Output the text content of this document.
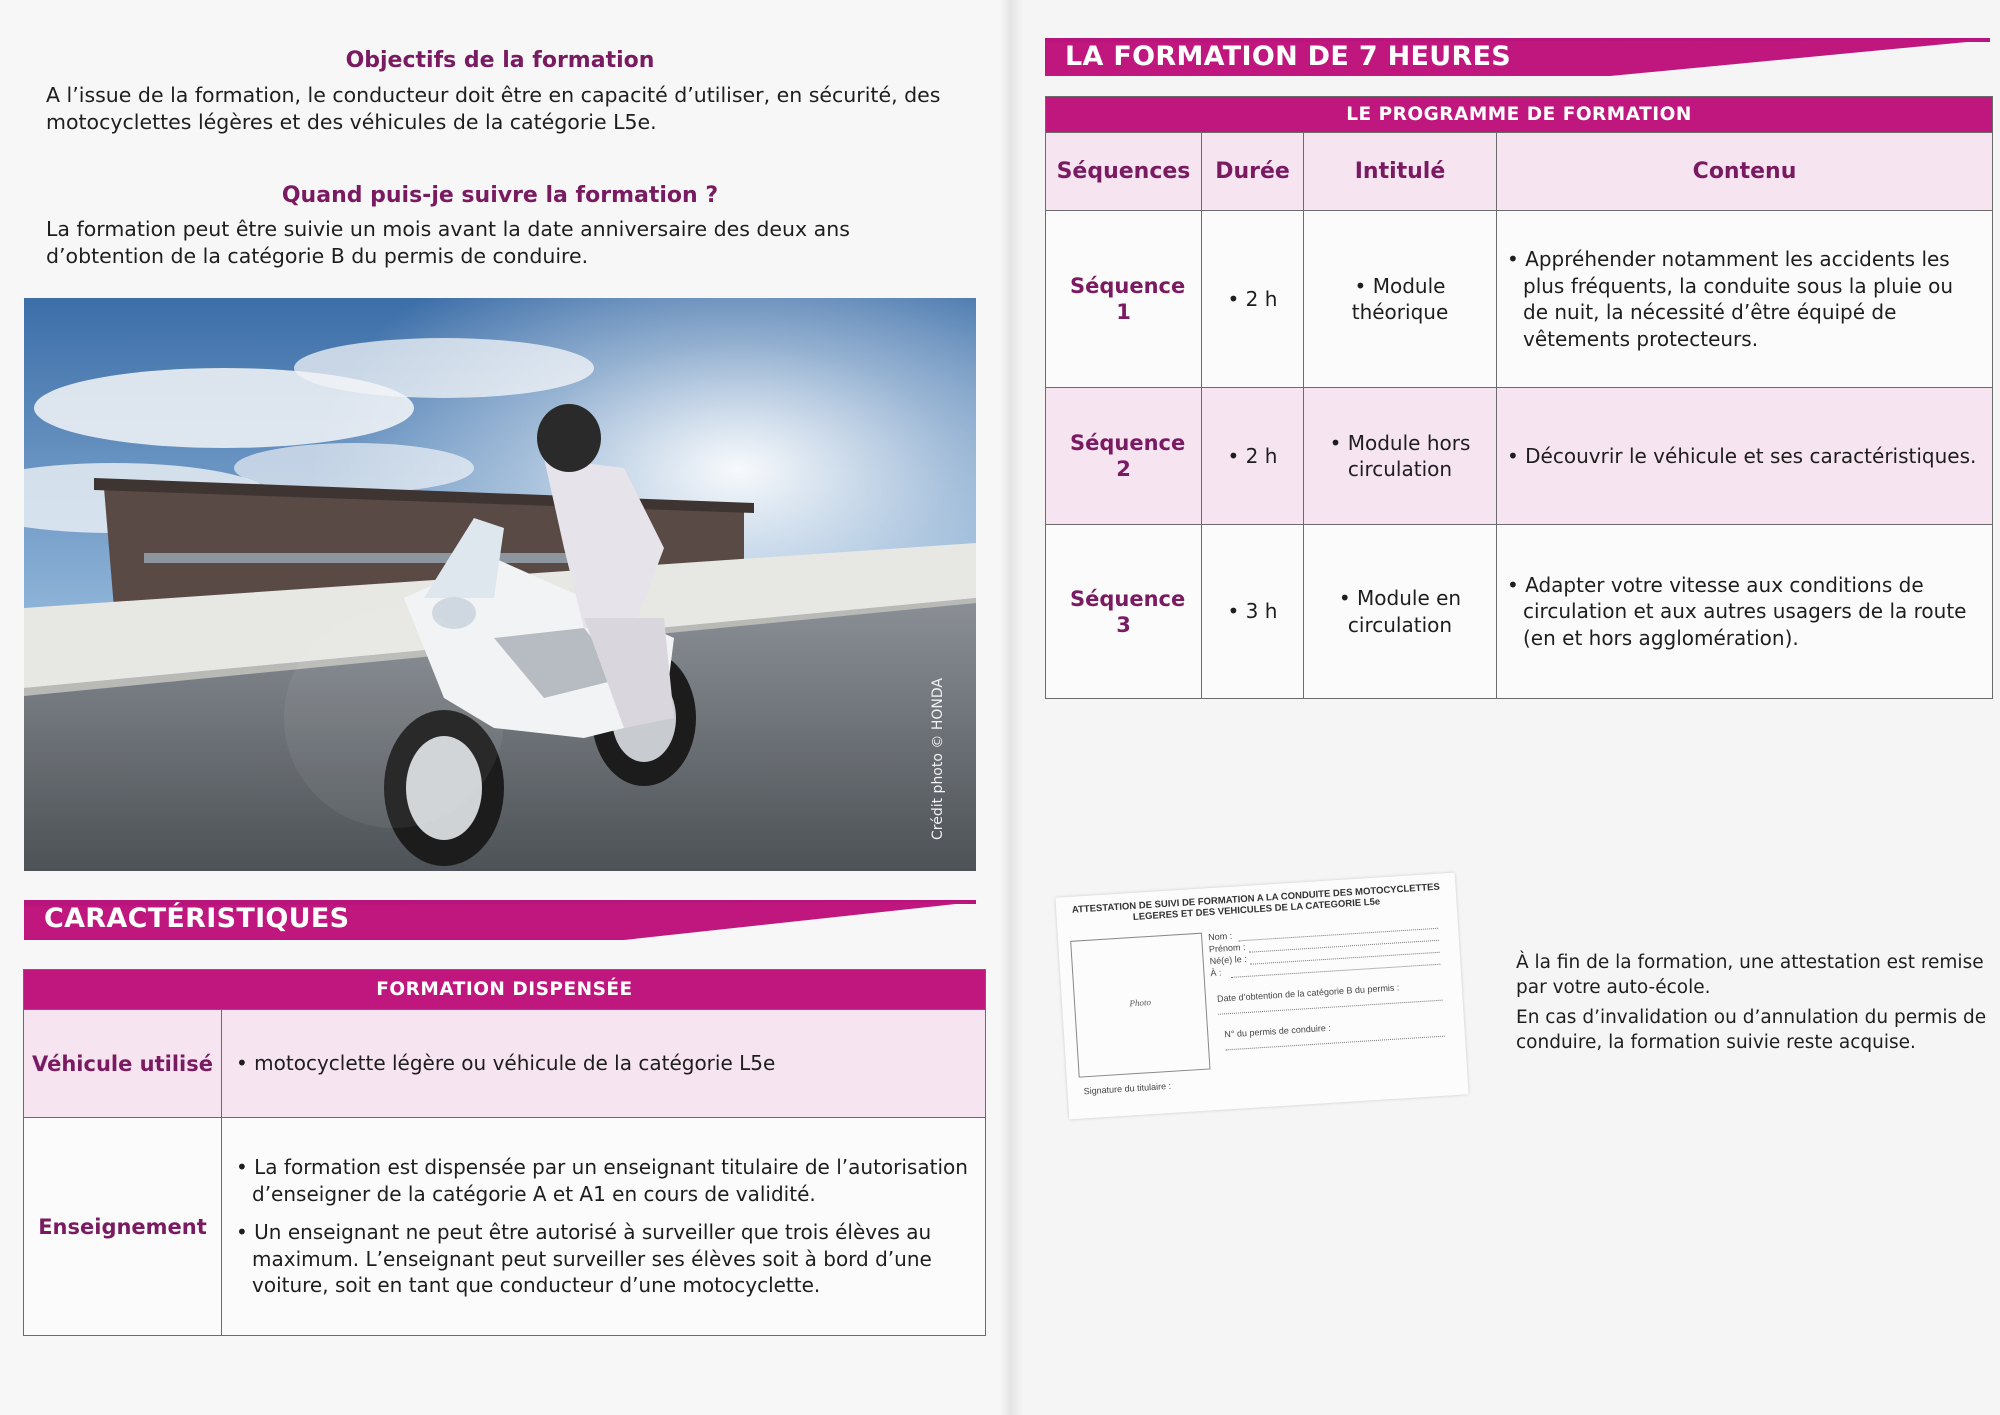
Objectifs de la formation
A l’issue de la formation, le conducteur doit être en capacité d’utiliser, en sécurité, des motocyclettes légères et des véhicules de la catégorie L5e.
Quand puis-je suivre la formation ?
La formation peut être suivie un mois avant la date anniversaire des deux ans d’obtention de la catégorie B du permis de conduire.
Crédit photo © HONDA
CARACTÉRISTIQUES
FORMATION DISPENSÉE	
Véhicule utilisé	• motocyclette légère ou véhicule de la catégorie L5e

Enseignement	• La formation est dispensée par un enseignant titulaire de l’autorisation d’enseigner de la catégorie A et A1 en cours de validité.
• Un enseignant ne peut être autorisé à surveiller que trois élèves au maximum. L’enseignant peut surveiller ses élèves soit à bord d’une voiture, soit en tant que conducteur d’une motocyclette.
LA FORMATION DE 7 HEURES
LE PROGRAMME DE FORMATION			
Séquences	Durée	Intitulé	Contenu
Séquence 1	• 2 h	• Module théorique	• Appréhender notamment les accidents les plus fréquents, la conduite sous la pluie ou de nuit, la nécessité d’être équipé de vêtements protecteurs.

Séquence 2	• 2 h	• Module hors circulation	• Découvrir le véhicule et ses caractéristiques.

Séquence 3	• 3 h	• Module en circulation	• Adapter votre vitesse aux conditions de circulation et aux autres usagers de la route (en et hors agglomération).
ATTESTATION DE SUIVI DE FORMATION A LA CONDUITE DES MOTOCYCLETTES LEGERES ET DES VEHICULES DE LA CATEGORIE L5e
Photo
Nom :
Prénom :
Né(e) le :
À :
Date d’obtention de la catégorie B du permis :
N° du permis de conduire :
Signature du titulaire :
À la fin de la formation, une attestation est remise par votre auto-école.
En cas d’invalidation ou d’annulation du permis de conduire, la formation suivie reste acquise.
